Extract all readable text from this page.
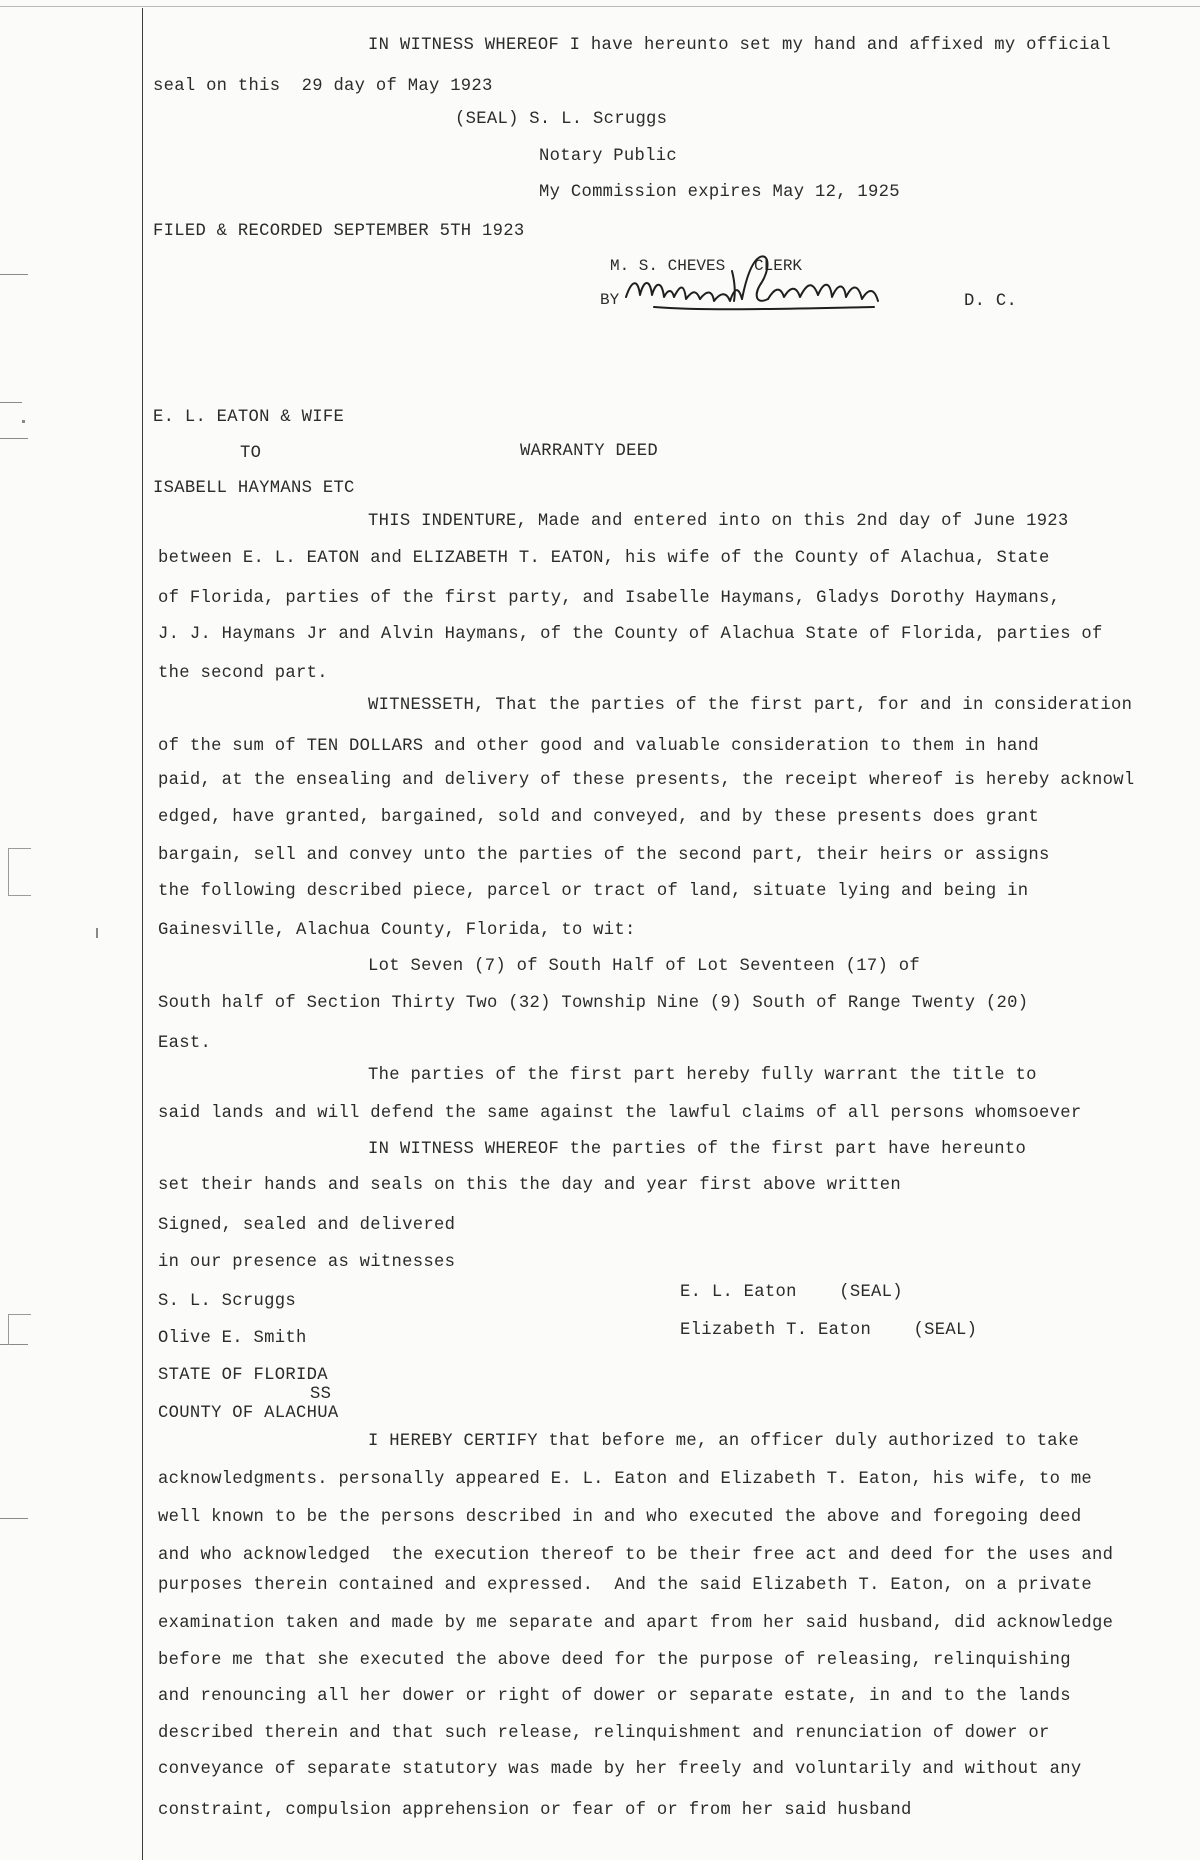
IN WITNESS WHEREOF I have hereunto set my hand and affixed my official
seal on this  29 day of May 1923
(SEAL) S. L. Scruggs
Notary Public
My Commission expires May 12, 1925
FILED & RECORDED SEPTEMBER 5TH 1923
M. S. CHEVES   CLERK
BY	D. C.
E. L. EATON & WIFE
TO	WARRANTY DEED
ISABELL HAYMANS ETC
THIS INDENTURE, Made and entered into on this 2nd day of June 1923
between E. L. EATON and ELIZABETH T. EATON, his wife of the County of Alachua, State
of Florida, parties of the first party, and Isabelle Haymans, Gladys Dorothy Haymans,
J. J. Haymans Jr and Alvin Haymans, of the County of Alachua State of Florida, parties of
the second part.
WITNESSETH, That the parties of the first part, for and in consideration
of the sum of TEN DOLLARS and other good and valuable consideration to them in hand
paid, at the ensealing and delivery of these presents, the receipt whereof is hereby acknowl
edged, have granted, bargained, sold and conveyed, and by these presents does grant
bargain, sell and convey unto the parties of the second part, their heirs or assigns
the following described piece, parcel or tract of land, situate lying and being in
Gainesville, Alachua County, Florida, to wit:
Lot Seven (7) of South Half of Lot Seventeen (17) of
South half of Section Thirty Two (32) Township Nine (9) South of Range Twenty (20)
East.
The parties of the first part hereby fully warrant the title to
said lands and will defend the same against the lawful claims of all persons whomsoever
IN WITNESS WHEREOF the parties of the first part have hereunto
set their hands and seals on this the day and year first above written
Signed, sealed and delivered
in our presence as witnesses
S. L. Scruggs	E. L. Eaton    (SEAL)
Olive E. Smith	Elizabeth T. Eaton    (SEAL)
STATE OF FLORIDA
SS
COUNTY OF ALACHUA
I HEREBY CERTIFY that before me, an officer duly authorized to take
acknowledgments. personally appeared E. L. Eaton and Elizabeth T. Eaton, his wife, to me
well known to be the persons described in and who executed the above and foregoing deed
and who acknowledged  the execution thereof to be their free act and deed for the uses and
purposes therein contained and expressed.  And the said Elizabeth T. Eaton, on a private
examination taken and made by me separate and apart from her said husband, did acknowledge
before me that she executed the above deed for the purpose of releasing, relinquishing
and renouncing all her dower or right of dower or separate estate, in and to the lands
described therein and that such release, relinquishment and renunciation of dower or
conveyance of separate statutory was made by her freely and voluntarily and without any
constraint, compulsion apprehension or fear of or from her said husband
